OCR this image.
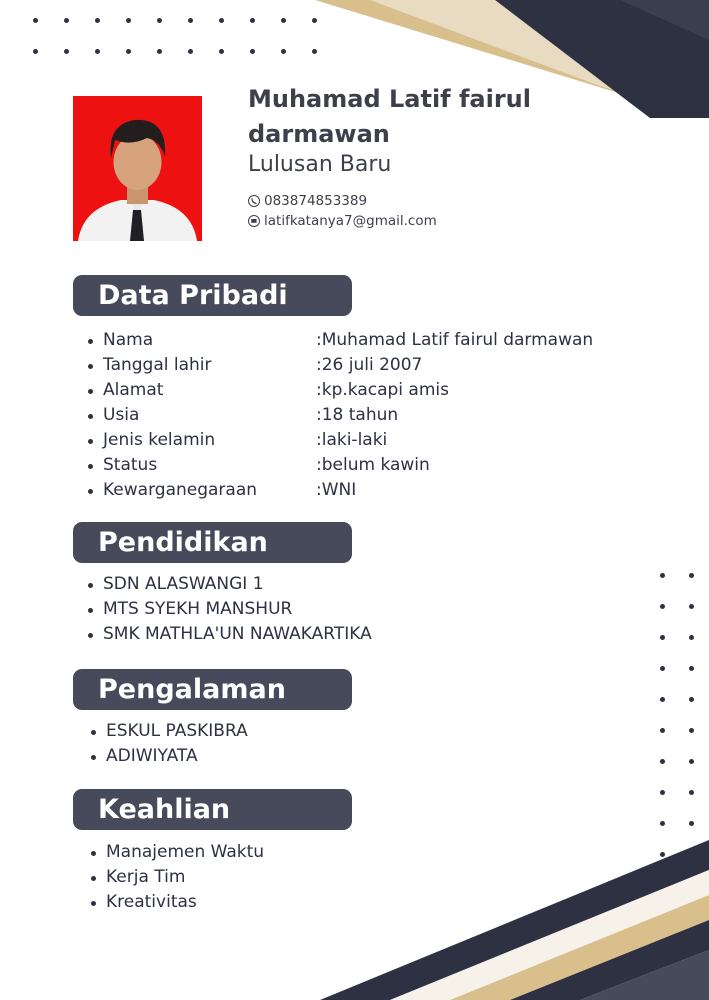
Muhamad Latif fairul darmawan
Lulusan Baru
083874853389
latifkatanya7@gmail.com
Data Pribadi
Nama	:Muhamad Latif fairul darmawan
Tanggal lahir	:26 juli 2007
Alamat	:kp.kacapi amis
Usia	:18 tahun
Jenis kelamin	:laki-laki
Status	:belum kawin
Kewarganegaraan	:WNI
Pendidikan
SDN ALASWANGI 1
MTS SYEKH MANSHUR
SMK MATHLA'UN NAWAKARTIKA
Pengalaman
ESKUL PASKIBRA
ADIWIYATA
Keahlian
Manajemen Waktu
Kerja Tim
Kreativitas
